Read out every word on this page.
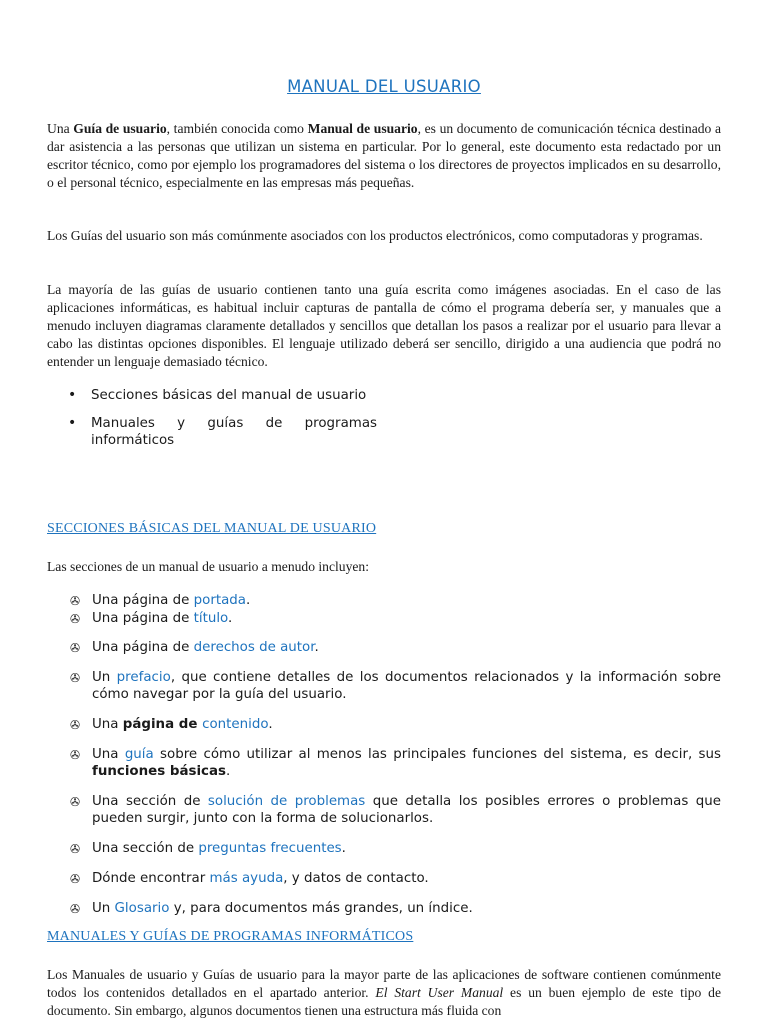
MANUAL DEL USUARIO

Una Guía de usuario, también conocida como Manual de usuario, es un documento de comunicación técnica destinado a dar asistencia a las personas que utilizan un sistema en particular. Por lo general, este documento esta redactado por un escritor técnico, como por ejemplo los programadores del sistema o los directores de proyectos implicados en su desarrollo, o el personal técnico, especialmente en las empresas más pequeñas.

Los Guías del usuario son más comúnmente asociados con los productos electrónicos, como computadoras y programas.

La mayoría de las guías de usuario contienen tanto una guía escrita como imágenes asociadas. En el caso de las aplicaciones informáticas, es habitual incluir capturas de pantalla de cómo el programa debería ser, y manuales que a menudo incluyen diagramas claramente detallados y sencillos que detallan los pasos a realizar por el usuario para llevar a cabo las distintas opciones disponibles. El lenguaje utilizado deberá ser sencillo, dirigido a una audiencia que podrá no entender un lenguaje demasiado técnico.

• Secciones básicas del manual de usuario
• Manuales y guías de programas informáticos
SECCIONES BÁSICAS DEL MANUAL DE USUARIO

Las secciones de un manual de usuario a menudo incluyen:

✇ Una página de portada.
✇ Una página de título.
✇ Una página de derechos de autor.
✇ Un prefacio, que contiene detalles de los documentos relacionados y la información sobre cómo navegar por la guía del usuario.
✇ Una página de contenido.
✇ Una guía sobre cómo utilizar al menos las principales funciones del sistema, es decir, sus funciones básicas.
✇ Una sección de solución de problemas que detalla los posibles errores o problemas que pueden surgir, junto con la forma de solucionarlos.
✇ Una sección de preguntas frecuentes.
✇ Dónde encontrar más ayuda, y datos de contacto.
✇ Un Glosario y, para documentos más grandes, un índice.
MANUALES Y GUÍAS DE PROGRAMAS INFORMÁTICOS

Los Manuales de usuario y Guías de usuario para la mayor parte de las aplicaciones de software contienen comúnmente todos los contenidos detallados en el apartado anterior. El Start User Manual es un buen ejemplo de este tipo de documento. Sin embargo, algunos documentos tienen una estructura más fluida con
